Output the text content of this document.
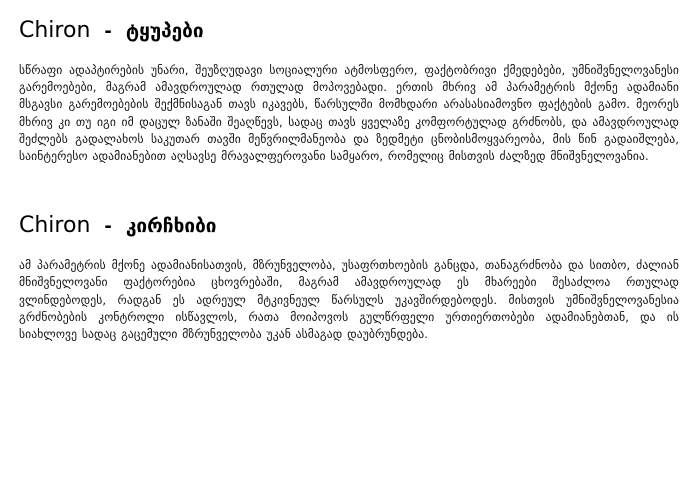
Chiron - ტყუპები

სწრაფი ადაპტირების უნარი, შეუზღუდავი სოციალური ატმოსფერო, ფაქტობრივი ქმედებები, უმნიშვნელოვანესი გარემოებები, მაგრამ ამავდროულად რთულად მოპოვებადი. ერთის მხრივ ამ პარამეტრის მქონე ადამიანი მსგავსი გარემოებების შექმნისაგან თავს იკავებს, წარსულში მომხდარი არასასიამოვნო ფაქტების გამო. მეორეს მხრივ კი თუ იგი იმ დაცულ ზანაში შეაღწევს, სადაც თავს ყველაზე კომფორტულად გრძნობს, და ამავდროულად შეძლებს გადალახოს საკუთარ თავში მეწვრილმანეობა და ზედმეტი ცნობისმოყვარეობა, მის წინ გადაიშლება, საინტერესო ადამიანებით აღსავსე მრავალფეროვანი სამყარო, რომელიც მისთვის ძალზედ მნიშვნელოვანია.

Chiron - კირჩხიბი

ამ პარამეტრის მქონე ადამიანისათვის, მზრუნველობა, უსაფრთხოების განცდა, თანაგრძნობა და სითბო, ძალიან მნიშვნელოვანი ფაქტორებია ცხოვრებაში, მაგრამ ამავდროულად ეს მხარეები შესაძლოა რთულად ვლინდებოდეს, რადგან ეს ადრეულ მტკივნეულ წარსულს უკავშირდებოდეს. მისთვის უმნიშვნელოვანესია გრძნობების კონტროლი ისწავლოს, რათა მოიპოვოს გულწრფელი ურთიერთობები ადამიანებთან, და ის სიახლოვე სადაც გაცემული მზრუნველობა უკან ასმაგად დაუბრუნდება.
